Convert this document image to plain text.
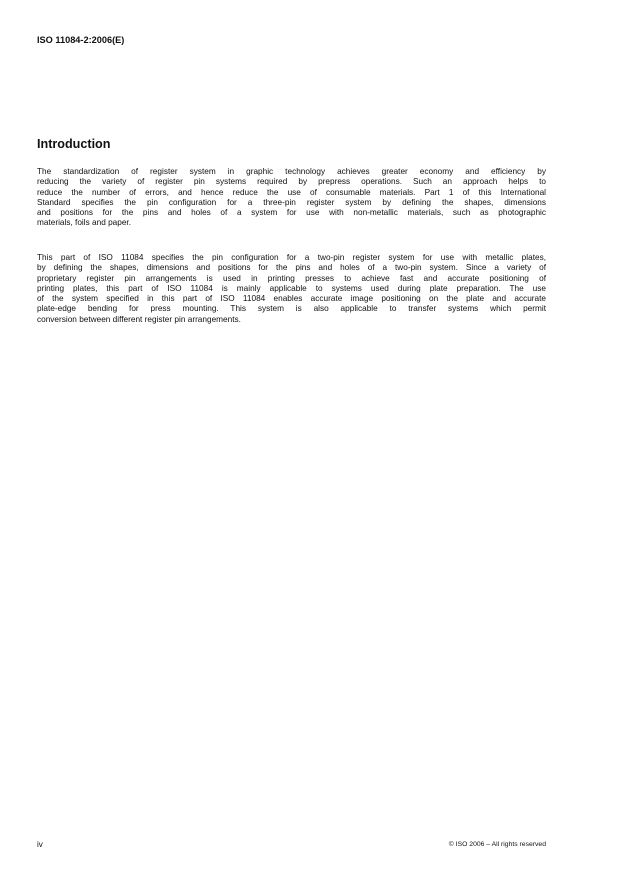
ISO 11084-2:2006(E)
Introduction
The standardization of register system in graphic technology achieves greater economy and efficiency by
reducing the variety of register pin systems required by prepress operations. Such an approach helps to
reduce the number of errors, and hence reduce the use of consumable materials. Part 1 of this International
Standard specifies the pin configuration for a three-pin register system by defining the shapes, dimensions
and positions for the pins and holes of a system for use with non-metallic materials, such as photographic
materials, foils and paper.
This part of ISO 11084 specifies the pin configuration for a two-pin register system for use with metallic plates,
by defining the shapes, dimensions and positions for the pins and holes of a two-pin system. Since a variety of
proprietary register pin arrangements is used in printing presses to achieve fast and accurate positioning of
printing plates, this part of ISO 11084 is mainly applicable to systems used during plate preparation. The use
of the system specified in this part of ISO 11084 enables accurate image positioning on the plate and accurate
plate-edge bending for press mounting. This system is also applicable to transfer systems which permit
conversion between different register pin arrangements.
iv	© ISO 2006 – All rights reserved
